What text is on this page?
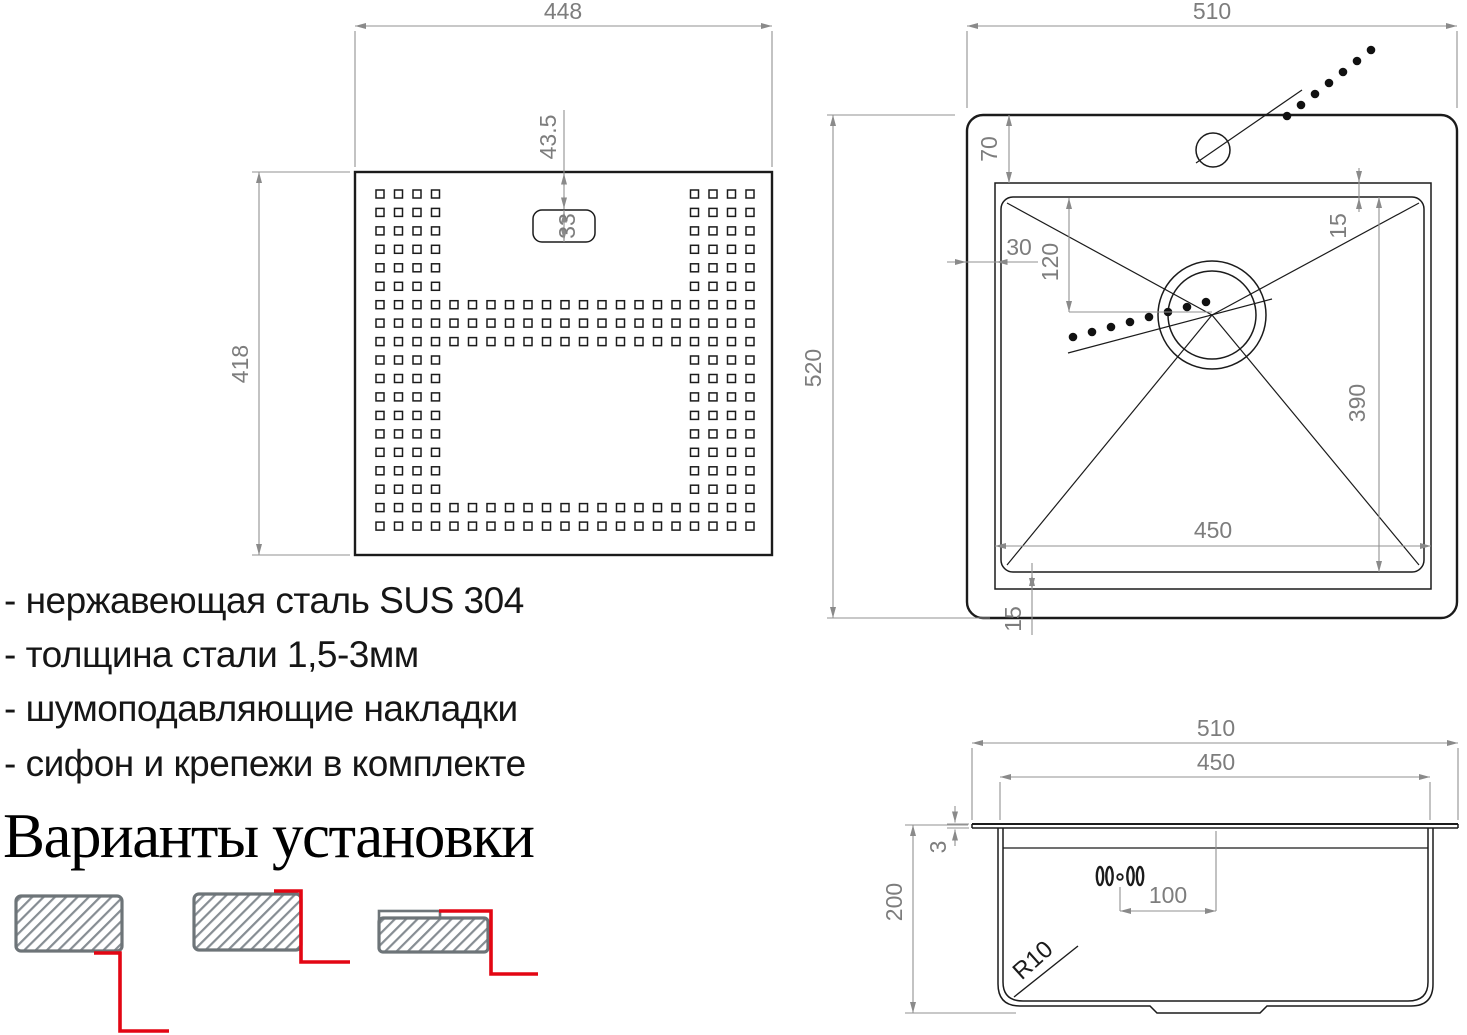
448
418
43.5
33
510
520
70
30 120
15
390
450
15
510
450
3
200	100
R10
- нержавеющая сталь SUS 304
- толщина стали 1,5-3мм
- шумоподавляющие накладки
- сифон и крепежи в комплекте
Варианты установки
